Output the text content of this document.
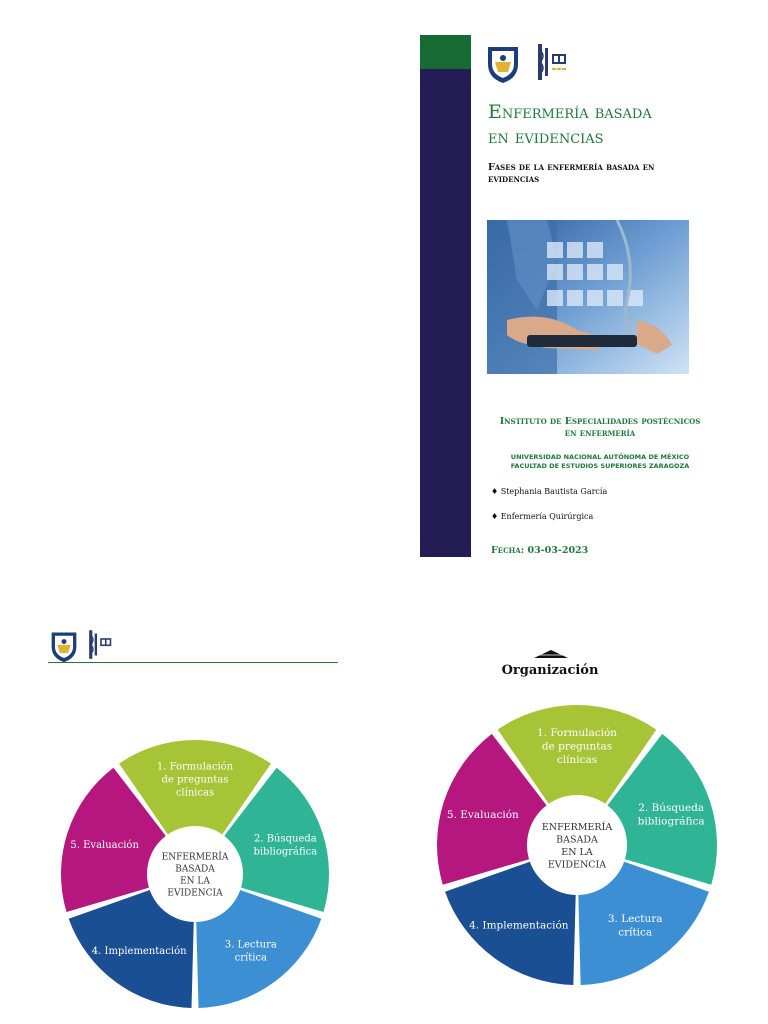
Enfermería basada
en evidencias
Fases de la enfermería basada en
evidencias
Instituto de Especialidades postécnicos
en enfermería
UNIVERSIDAD NACIONAL AUTÓNOMA DE MÉXICO
FACULTAD DE ESTUDIOS SUPERIORES ZARAGOZA
♦ Stephania Bautista García
♦ Enfermería Quirúrgica
Fecha: 03-03-2023
1. Formulación de preguntas clínicas
2. Búsqueda bibliográfica
3. Lectura crítica
4. Implementación
5. Evaluación
ENFERMERÍA BASADA EN LA EVIDENCIA
Organización
1. Formulación de preguntas clínicas
2. Búsqueda bibliográfica
3. Lectura crítica
4. Implementación
5. Evaluación
ENFERMERÍA BASADA EN LA EVIDENCIA
